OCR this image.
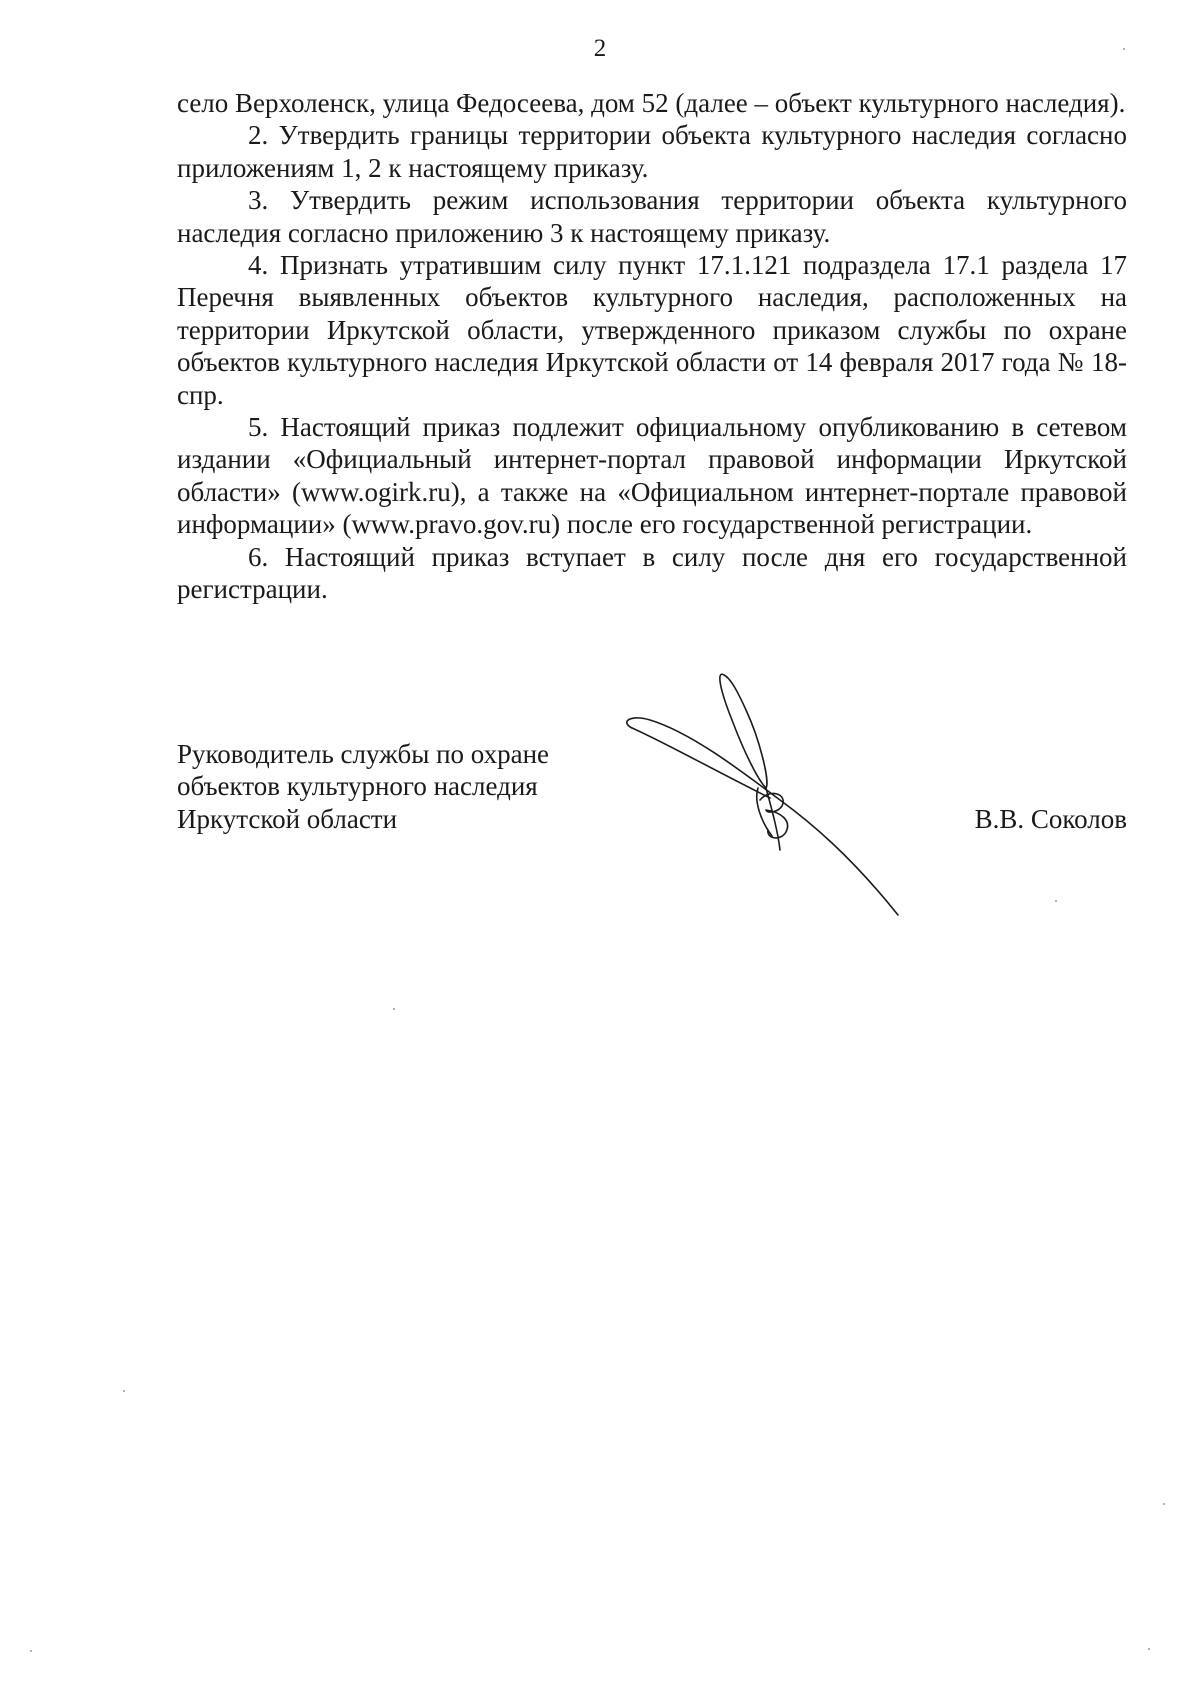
2

село Верхоленск, улица Федосеева, дом 52 (далее – объект культурного наследия).

2. Утвердить границы территории объекта культурного наследия согласно приложениям 1, 2 к настоящему приказу.

3. Утвердить режим использования территории объекта культурного наследия согласно приложению 3 к настоящему приказу.

4. Признать утратившим силу пункт 17.1.121 подраздела 17.1 раздела 17 Перечня выявленных объектов культурного наследия, расположенных на территории Иркутской области, утвержденного приказом службы по охране объектов культурного наследия Иркутской области от 14 февраля 2017 года № 18-спр.

5. Настоящий приказ подлежит официальному опубликованию в сетевом издании «Официальный интернет-портал правовой информации Иркутской области» (www.ogirk.ru), а также на «Официальном интернет-портале правовой информации» (www.pravo.gov.ru) после его государственной регистрации.

6. Настоящий приказ вступает в силу после дня его государственной регистрации.

Руководитель службы по охране
объектов культурного наследия
Иркутской области	В.В. Соколов
